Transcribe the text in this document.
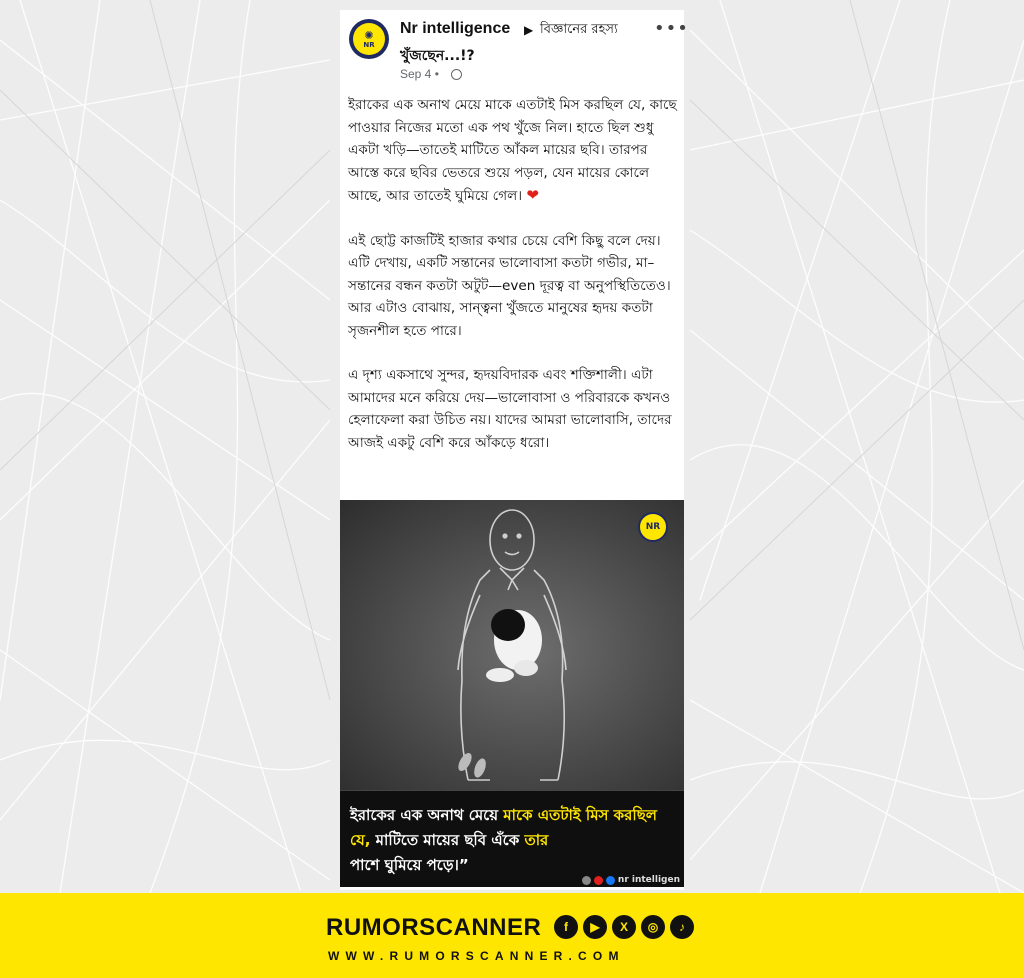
✺
NR
Nr intelligence ▶ বিজ্ঞানের রহস্য
খুঁজছেন...!?
•••
Sep 4 •

ইরাকের এক অনাথ মেয়ে মাকে এতটাই মিস করছিল যে, কাছে পাওয়ার নিজের মতো এক পথ খুঁজে নিল। হাতে ছিল শুধু একটা খড়ি—তাতেই মাটিতে আঁকল মায়ের ছবি। তারপর আস্তে করে ছবির ভেতরে শুয়ে পড়ল, যেন মায়ের কোলে আছে, আর তাতেই ঘুমিয়ে গেল। ❤

এই ছোট্ট কাজটিই হাজার কথার চেয়ে বেশি কিছু বলে দেয়। এটি দেখায়, একটি সন্তানের ভালোবাসা কতটা গভীর, মা–সন্তানের বন্ধন কতটা অটুট—even দূরত্ব বা অনুপস্থিতিতেও। আর এটাও বোঝায়, সান্ত্বনা খুঁজতে মানুষের হৃদয় কতটা সৃজনশীল হতে পারে।

এ দৃশ্য একসাথে সুন্দর, হৃদয়বিদারক এবং শক্তিশালী। এটা আমাদের মনে করিয়ে দেয়—ভালোবাসা ও পরিবারকে কখনও হেলাফেলা করা উচিত নয়। যাদের আমরা ভালোবাসি, তাদের আজই একটু বেশি করে আঁকড়ে ধরো।

NR
ইরাকের এক অনাথ মেয়ে মাকে এতটাই মিস করছিল যে, মাটিতে মায়ের ছবি এঁকে তার
পাশে ঘুমিয়ে পড়ে।”
nr intelligen
RUMORSCANNER	f	▶	X	◎	♪
WWW.RUMORSCANNER.COM
